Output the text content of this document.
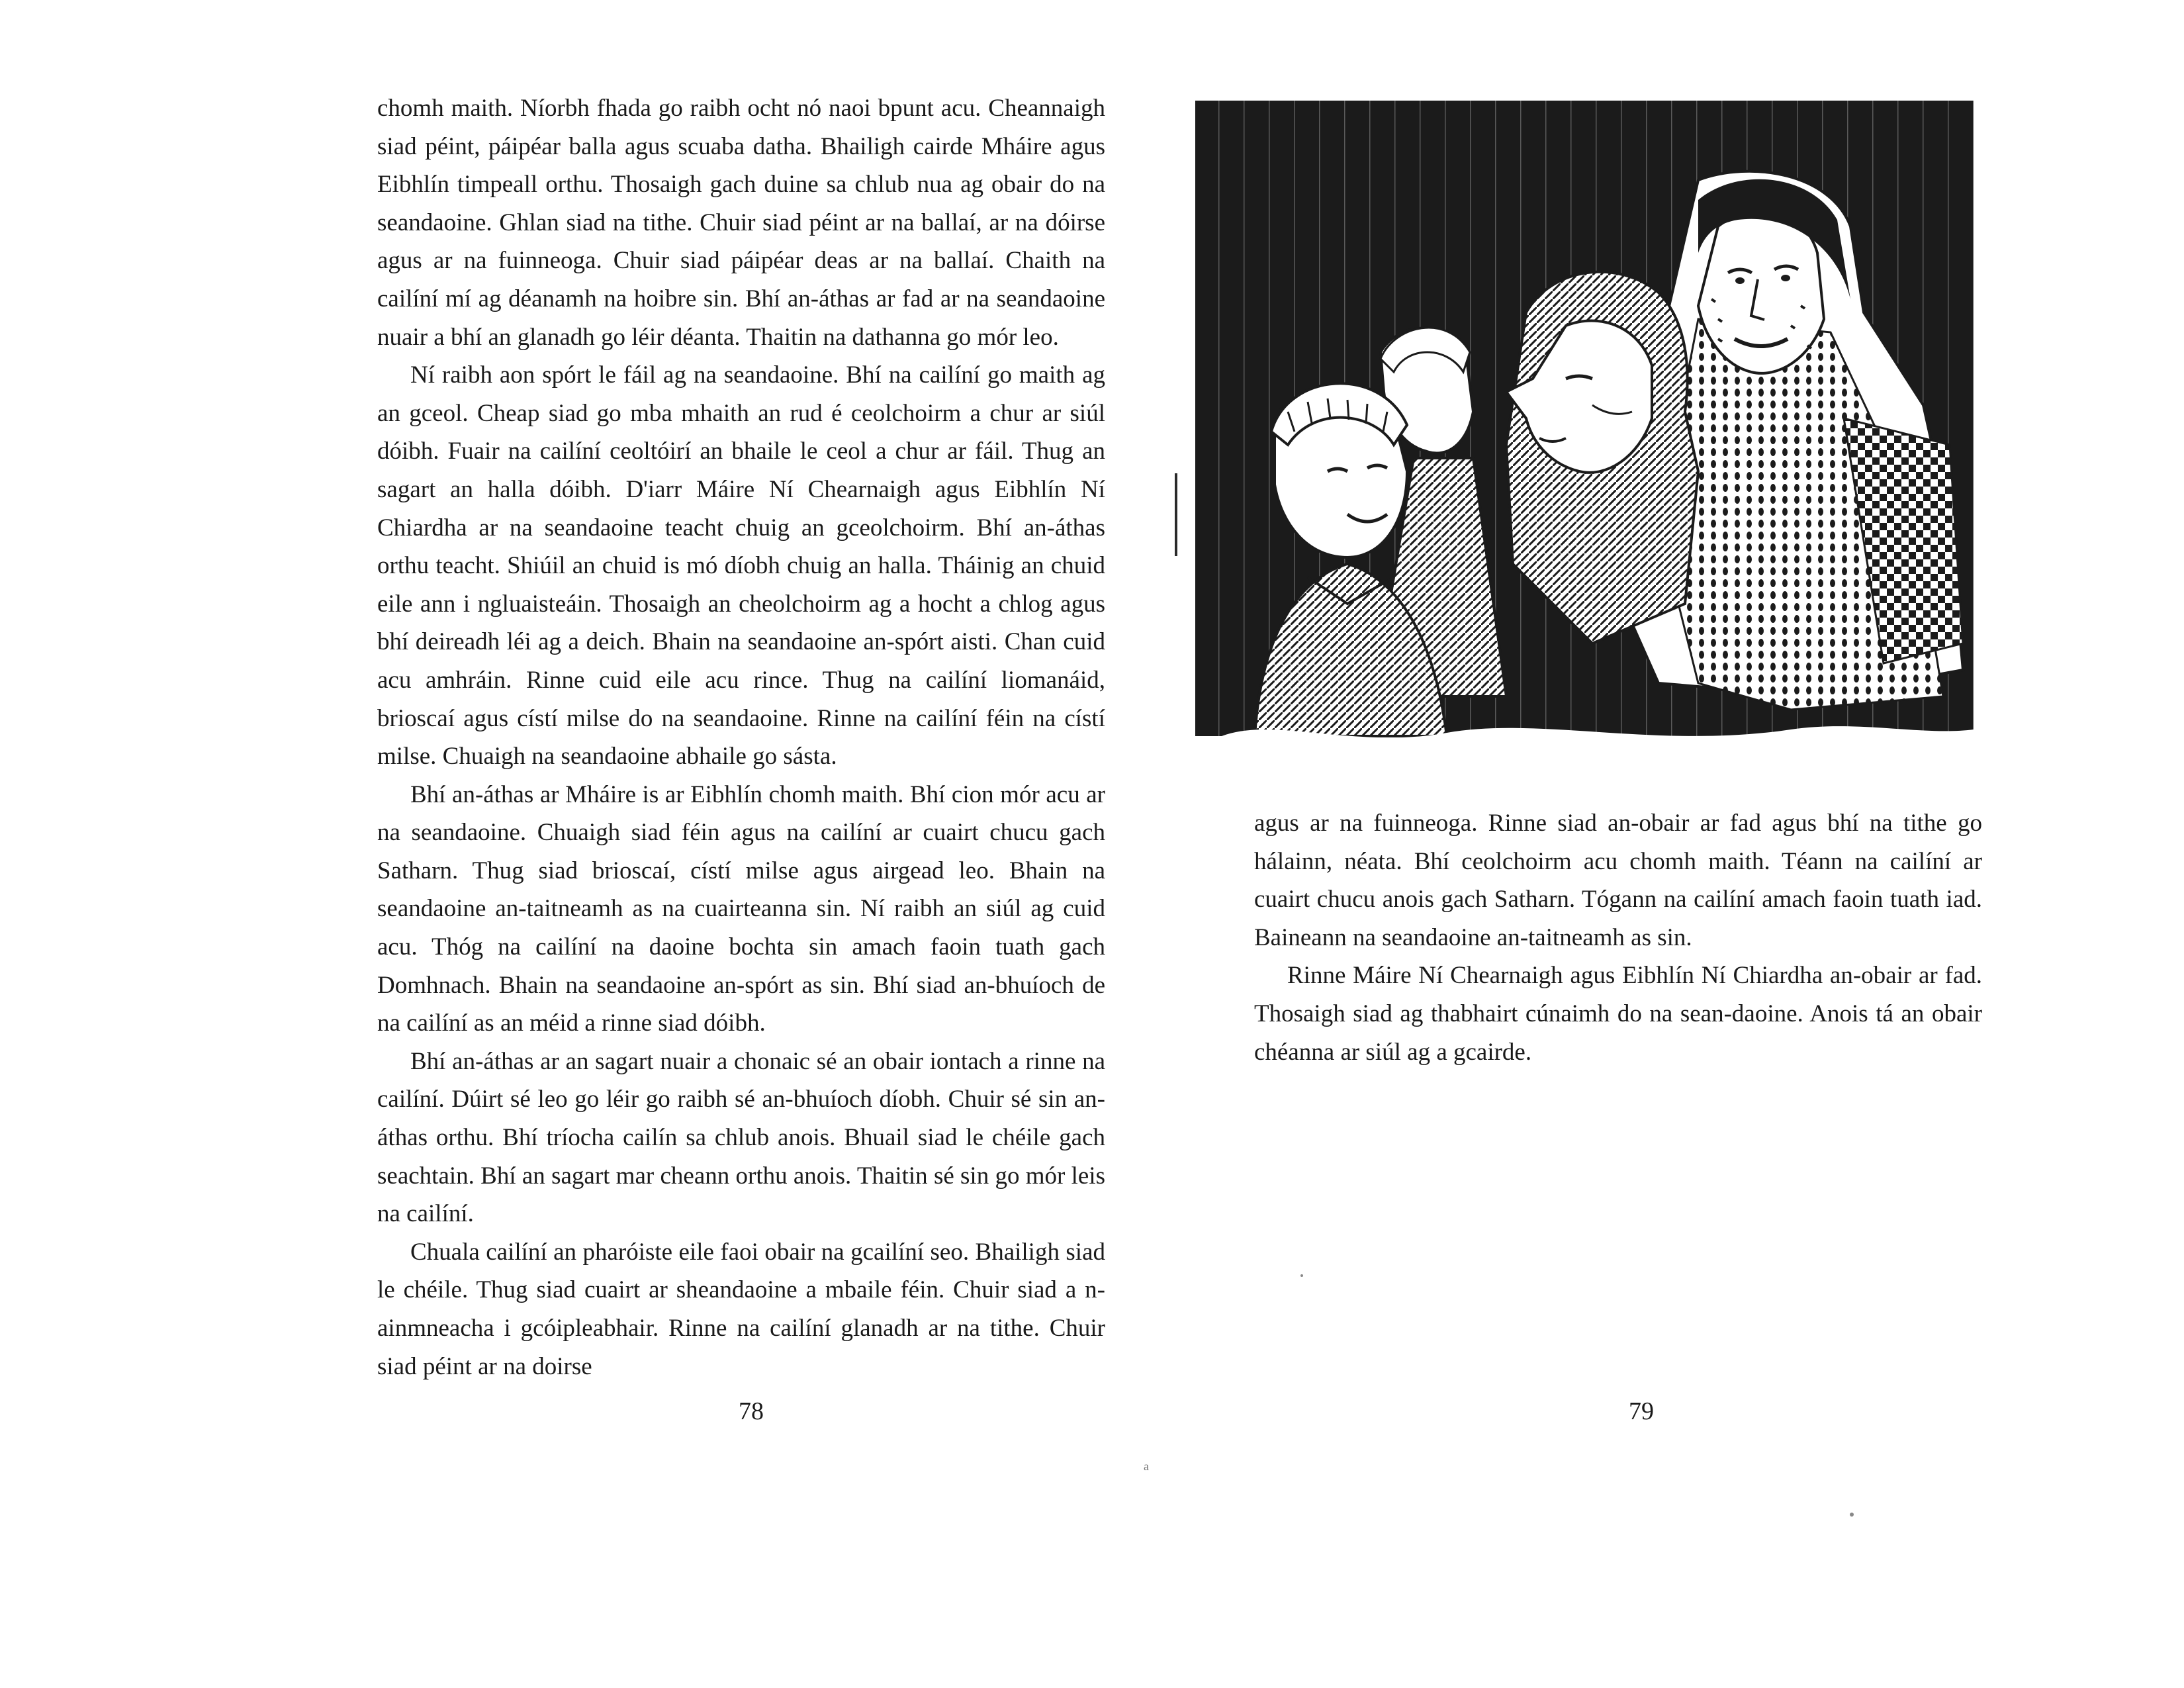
chomh maith. Níorbh fhada go raibh ocht nó naoi bpunt acu. Cheannaigh siad péint, páipéar balla agus scuaba datha. Bhailigh cairde Mháire agus Eibhlín timpeall orthu. Thosaigh gach duine sa chlub nua ag obair do na seandaoine. Ghlan siad na tithe. Chuir siad péint ar na ballaí, ar na dóirse agus ar na fuinneoga. Chuir siad páipéar deas ar na ballaí. Chaith na cailíní mí ag déanamh na hoibre sin. Bhí an-áthas ar fad ar na seandaoine nuair a bhí an glanadh go léir déanta. Thaitin na dathanna go mór leo.

Ní raibh aon spórt le fáil ag na seandaoine. Bhí na cailíní go maith ag an gceol. Cheap siad go mba mhaith an rud é ceolchoirm a chur ar siúl dóibh. Fuair na cailíní ceoltóirí an bhaile le ceol a chur ar fáil. Thug an sagart an halla dóibh. D'iarr Máire Ní Chearnaigh agus Eibhlín Ní Chiardha ar na seandaoine teacht chuig an gceolchoirm. Bhí an-áthas orthu teacht. Shiúil an chuid is mó díobh chuig an halla. Tháinig an chuid eile ann i ngluaisteáin. Thosaigh an cheolchoirm ag a hocht a chlog agus bhí deireadh léi ag a deich. Bhain na seandaoine an-spórt aisti. Chan cuid acu amhráin. Rinne cuid eile acu rince. Thug na cailíní liomanáid, brioscaí agus cístí milse do na seandaoine. Rinne na cailíní féin na cístí milse. Chuaigh na seandaoine abhaile go sásta.

Bhí an-áthas ar Mháire is ar Eibhlín chomh maith. Bhí cion mór acu ar na seandaoine. Chuaigh siad féin agus na cailíní ar cuairt chucu gach Satharn. Thug siad brioscaí, cístí milse agus airgead leo. Bhain na seandaoine an-taitneamh as na cuairteanna sin. Ní raibh an siúl ag cuid acu. Thóg na cailíní na daoine bochta sin amach faoin tuath gach Domhnach. Bhain na seandaoine an-spórt as sin. Bhí siad an-bhuíoch de na cailíní as an méid a rinne siad dóibh.

Bhí an-áthas ar an sagart nuair a chonaic sé an obair iontach a rinne na cailíní. Dúirt sé leo go léir go raibh sé an-bhuíoch díobh. Chuir sé sin an-áthas orthu. Bhí tríocha cailín sa chlub anois. Bhuail siad le chéile gach seachtain. Bhí an sagart mar cheann orthu anois. Thaitin sé sin go mór leis na cailíní.

Chuala cailíní an pharóiste eile faoi obair na gcailíní seo. Bhailigh siad le chéile. Thug siad cuairt ar sheandaoine a mbaile féin. Chuir siad a n-ainmneacha i gcóipleabhair. Rinne na cailíní glanadh ar na tithe. Chuir siad péint ar na doirse

78

agus ar na fuinneoga. Rinne siad an-obair ar fad agus bhí na tithe go hálainn, néata. Bhí ceolchoirm acu chomh maith. Téann na cailíní ar cuairt chucu anois gach Satharn. Tógann na cailíní amach faoin tuath iad. Baineann na seandaoine an-taitneamh as sin.

Rinne Máire Ní Chearnaigh agus Eibhlín Ní Chiardha an-obair ar fad. Thosaigh siad ag thabhairt cúnaimh do na sean-daoine. Anois tá an obair chéanna ar siúl ag a gcairde.

79
a
